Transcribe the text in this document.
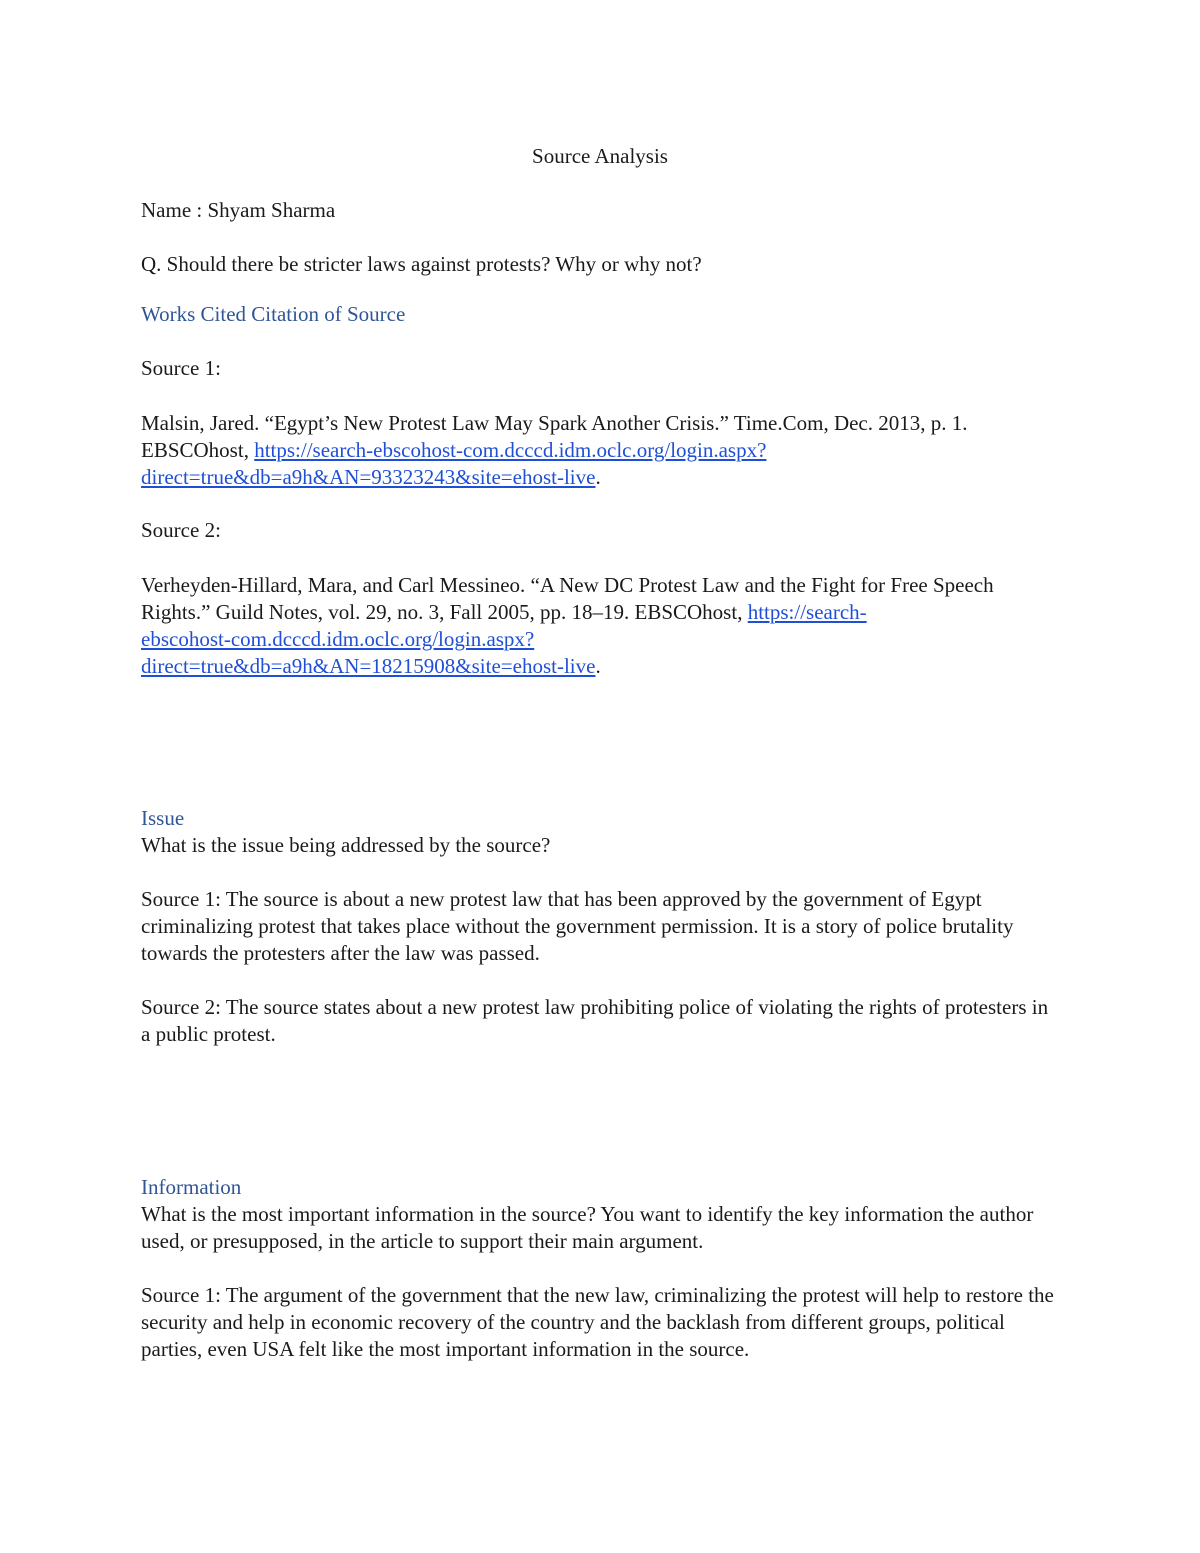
Source Analysis

Name : Shyam Sharma

Q. Should there be stricter laws against protests? Why or why not?

Works Cited Citation of Source

Source 1:

Malsin, Jared. “Egypt’s New Protest Law May Spark Another Crisis.” Time.Com, Dec. 2013, p. 1. EBSCOhost, https://search-ebscohost-com.dcccd.idm.oclc.org/login.aspx?
direct=true&db=a9h&AN=93323243&site=ehost-live.

Source 2:

Verheyden-Hillard, Mara, and Carl Messineo. “A New DC Protest Law and the Fight for Free Speech Rights.” Guild Notes, vol. 29, no. 3, Fall 2005, pp. 18–19. EBSCOhost, https://search-
ebscohost-com.dcccd.idm.oclc.org/login.aspx?
direct=true&db=a9h&AN=18215908&site=ehost-live.

Issue

What is the issue being addressed by the source?

Source 1: The source is about a new protest law that has been approved by the government of Egypt criminalizing protest that takes place without the government permission. It is a story of police brutality towards the protesters after the law was passed.

Source 2: The source states about a new protest law prohibiting police of violating the rights of protesters in a public protest.

Information

What is the most important information in the source? You want to identify the key information the author used, or presupposed, in the article to support their main argument.

Source 1: The argument of the government that the new law, criminalizing the protest will help to restore the security and help in economic recovery of the country and the backlash from different groups, political parties, even USA felt like the most important information in the source.
